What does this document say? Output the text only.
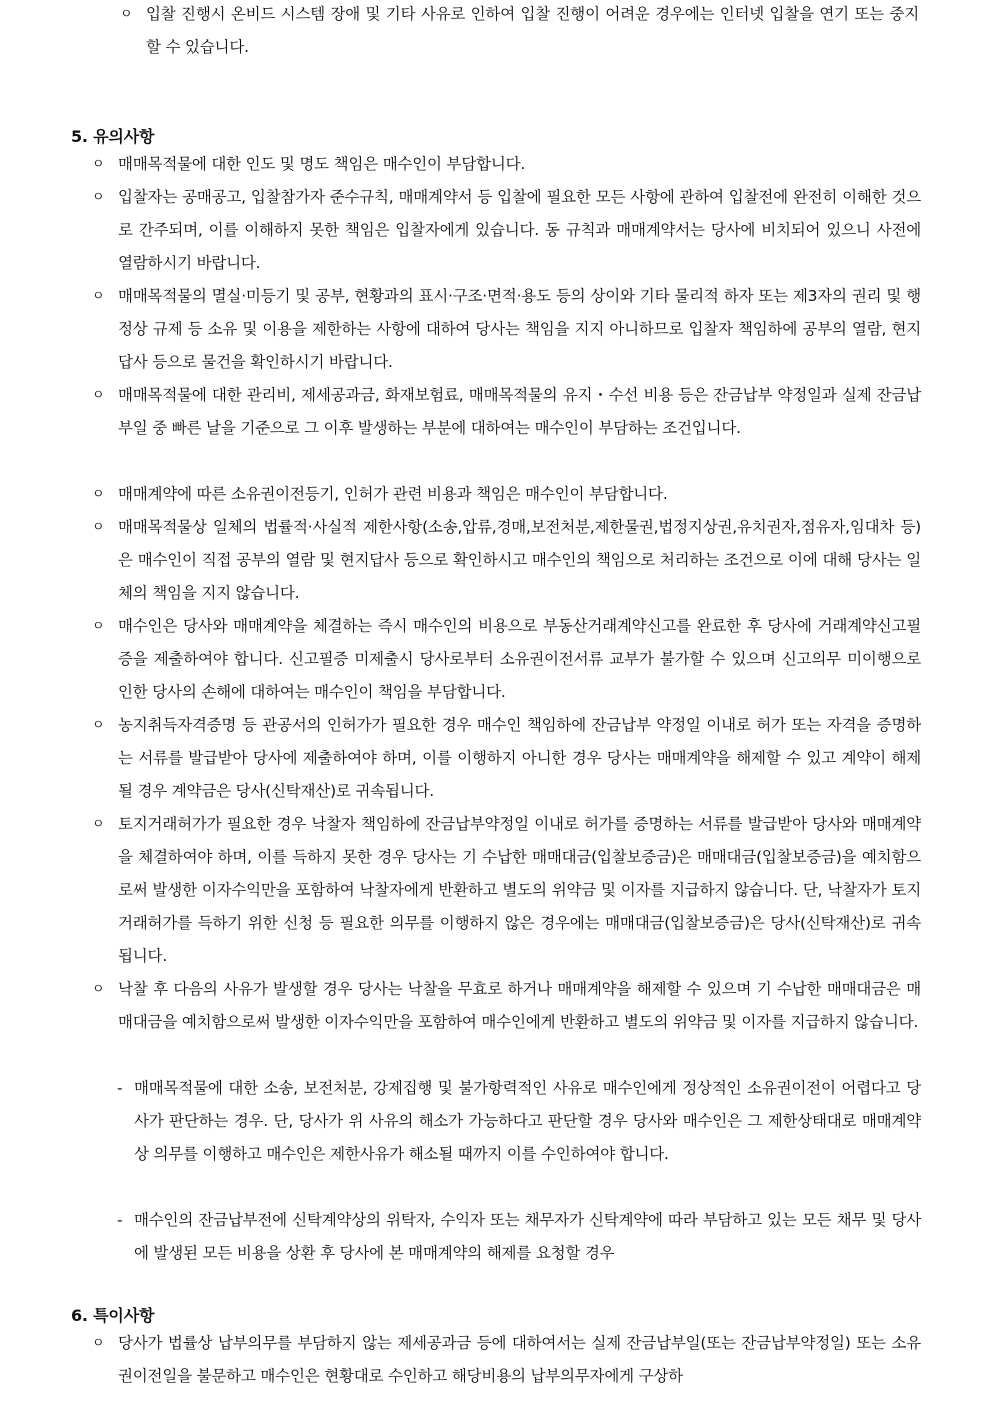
ㅇ 입찰 진행시 온비드 시스템 장애 및 기타 사유로 인하여 입찰 진행이 어려운 경우에는 인터넷 입찰을 연기 또는 중지할 수 있습니다.
5. 유의사항
ㅇ 매매목적물에 대한 인도 및 명도 책임은 매수인이 부담합니다.
ㅇ 입찰자는 공매공고, 입찰참가자 준수규칙, 매매계약서 등 입찰에 필요한 모든 사항에 관하여 입찰전에 완전히 이해한 것으로 간주되며, 이를 이해하지 못한 책임은 입찰자에게 있습니다. 동 규칙과 매매계약서는 당사에 비치되어 있으니 사전에 열람하시기 바랍니다.
ㅇ 매매목적물의 멸실·미등기 및 공부, 현황과의 표시·구조·면적·용도 등의 상이와 기타 물리적 하자 또는 제3자의 권리 및 행정상 규제 등 소유 및 이용을 제한하는 사항에 대하여 당사는 책임을 지지 아니하므로 입찰자 책임하에 공부의 열람, 현지 답사 등으로 물건을 확인하시기 바랍니다.
ㅇ 매매목적물에 대한 관리비, 제세공과금, 화재보험료, 매매목적물의 유지・수선 비용 등은 잔금납부 약정일과 실제 잔금납부일 중 빠른 날을 기준으로 그 이후 발생하는 부분에 대하여는 매수인이 부담하는 조건입니다.
ㅇ 매매계약에 따른 소유권이전등기, 인허가 관련 비용과 책임은 매수인이 부담합니다.
ㅇ 매매목적물상 일체의 법률적·사실적 제한사항(소송,압류,경매,보전처분,제한물권,법정지상권,유치권자,점유자,임대차 등)은 매수인이 직접 공부의 열람 및 현지답사 등으로 확인하시고 매수인의 책임으로 처리하는 조건으로 이에 대해 당사는 일체의 책임을 지지 않습니다.
ㅇ 매수인은 당사와 매매계약을 체결하는 즉시 매수인의 비용으로 부동산거래계약신고를 완료한 후 당사에 거래계약신고필증을 제출하여야 합니다. 신고필증 미제출시 당사로부터 소유권이전서류 교부가 불가할 수 있으며 신고의무 미이행으로 인한 당사의 손해에 대하여는 매수인이 책임을 부담합니다.
ㅇ 농지취득자격증명 등 관공서의 인허가가 필요한 경우 매수인 책임하에 잔금납부 약정일 이내로 허가 또는 자격을 증명하는 서류를 발급받아 당사에 제출하여야 하며, 이를 이행하지 아니한 경우 당사는 매매계약을 해제할 수 있고 계약이 해제될 경우 계약금은 당사(신탁재산)로 귀속됩니다.
ㅇ 토지거래허가가 필요한 경우 낙찰자 책임하에 잔금납부약정일 이내로 허가를 증명하는 서류를 발급받아 당사와 매매계약을 체결하여야 하며, 이를 득하지 못한 경우 당사는 기 수납한 매매대금(입찰보증금)은 매매대금(입찰보증금)을 예치함으로써 발생한 이자수익만을 포함하여 낙찰자에게 반환하고 별도의 위약금 및 이자를 지급하지 않습니다. 단, 낙찰자가 토지거래허가를 득하기 위한 신청 등 필요한 의무를 이행하지 않은 경우에는 매매대금(입찰보증금)은 당사(신탁재산)로 귀속됩니다.
ㅇ 낙찰 후 다음의 사유가 발생할 경우 당사는 낙찰을 무효로 하거나 매매계약을 해제할 수 있으며 기 수납한 매매대금은 매매대금을 예치함으로써 발생한 이자수익만을 포함하여 매수인에게 반환하고 별도의 위약금 및 이자를 지급하지 않습니다.
- 매매목적물에 대한 소송, 보전처분, 강제집행 및 불가항력적인 사유로 매수인에게 정상적인 소유권이전이 어렵다고 당사가 판단하는 경우. 단, 당사가 위 사유의 해소가 가능하다고 판단할 경우 당사와 매수인은 그 제한상태대로 매매계약상 의무를 이행하고 매수인은 제한사유가 해소될 때까지 이를 수인하여야 합니다.
- 매수인의 잔금납부전에 신탁계약상의 위탁자, 수익자 또는 채무자가 신탁계약에 따라 부담하고 있는 모든 채무 및 당사에 발생된 모든 비용을 상환 후 당사에 본 매매계약의 해제를 요청할 경우
6. 특이사항
ㅇ 당사가 법률상 납부의무를 부담하지 않는 제세공과금 등에 대하여서는 실제 잔금납부일(또는 잔금납부약정일) 또는 소유권이전일을 불문하고 매수인은 현황대로 수인하고 해당비용의 납부의무자에게 구상하
